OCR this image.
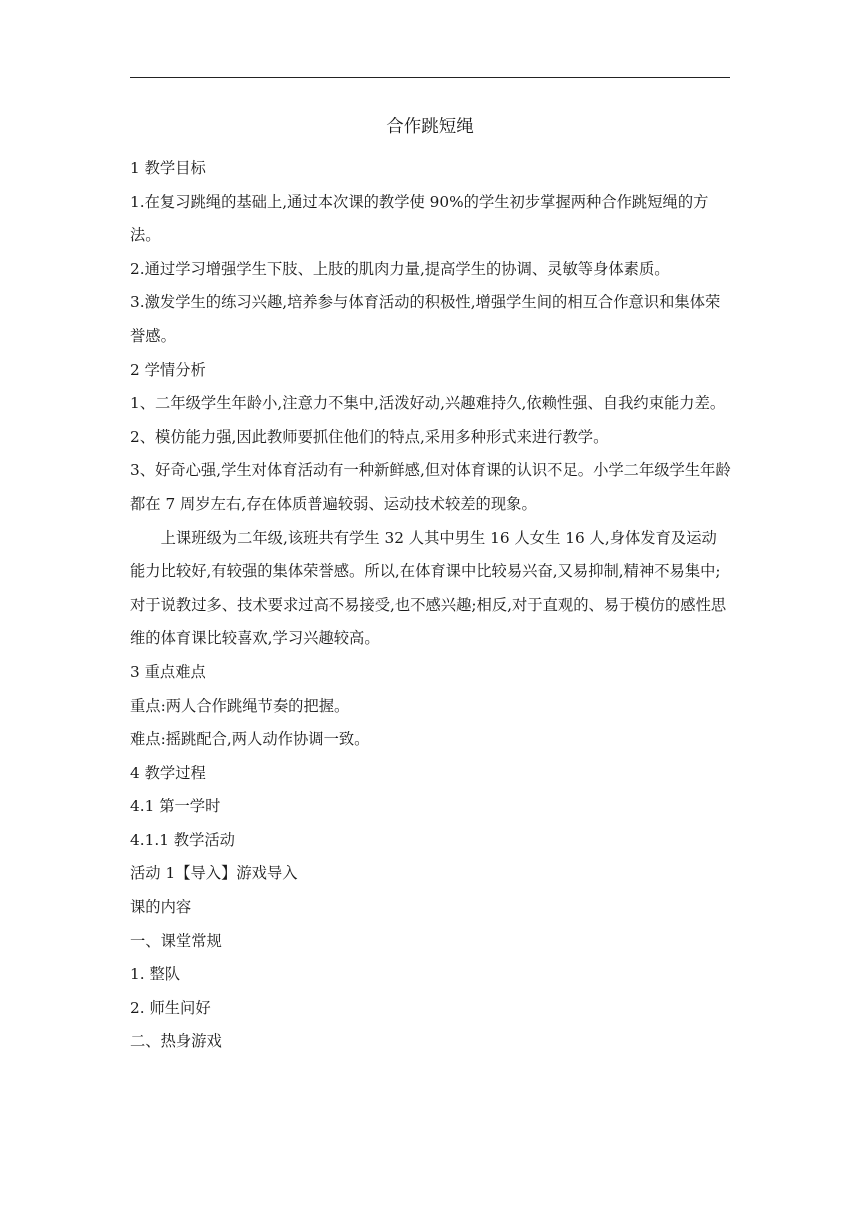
合作跳短绳

1 教学目标

1.在复习跳绳的基础上,通过本次课的教学使 90%的学生初步掌握两种合作跳短绳的方法。

2.通过学习增强学生下肢、上肢的肌肉力量,提高学生的协调、灵敏等身体素质。

3.激发学生的练习兴趣,培养参与体育活动的积极性,增强学生间的相互合作意识和集体荣誉感。

2 学情分析

1、二年级学生年龄小,注意力不集中,活泼好动,兴趣难持久,依赖性强、自我约束能力差。

2、模仿能力强,因此教师要抓住他们的特点,采用多种形式来进行教学。

3、好奇心强,学生对体育活动有一种新鲜感,但对体育课的认识不足。小学二年级学生年龄都在 7 周岁左右,存在体质普遍较弱、运动技术较差的现象。

上课班级为二年级,该班共有学生 32 人其中男生 16 人女生 16 人,身体发育及运动能力比较好,有较强的集体荣誉感。所以,在体育课中比较易兴奋,又易抑制,精神不易集中;对于说教过多、技术要求过高不易接受,也不感兴趣;相反,对于直观的、易于模仿的感性思维的体育课比较喜欢,学习兴趣较高。

3 重点难点

重点:两人合作跳绳节奏的把握。

难点:摇跳配合,两人动作协调一致。

4 教学过程

4.1 第一学时

4.1.1 教学活动

活动 1【导入】游戏导入

课的内容

一、课堂常规

1. 整队

2. 师生问好

二、热身游戏
